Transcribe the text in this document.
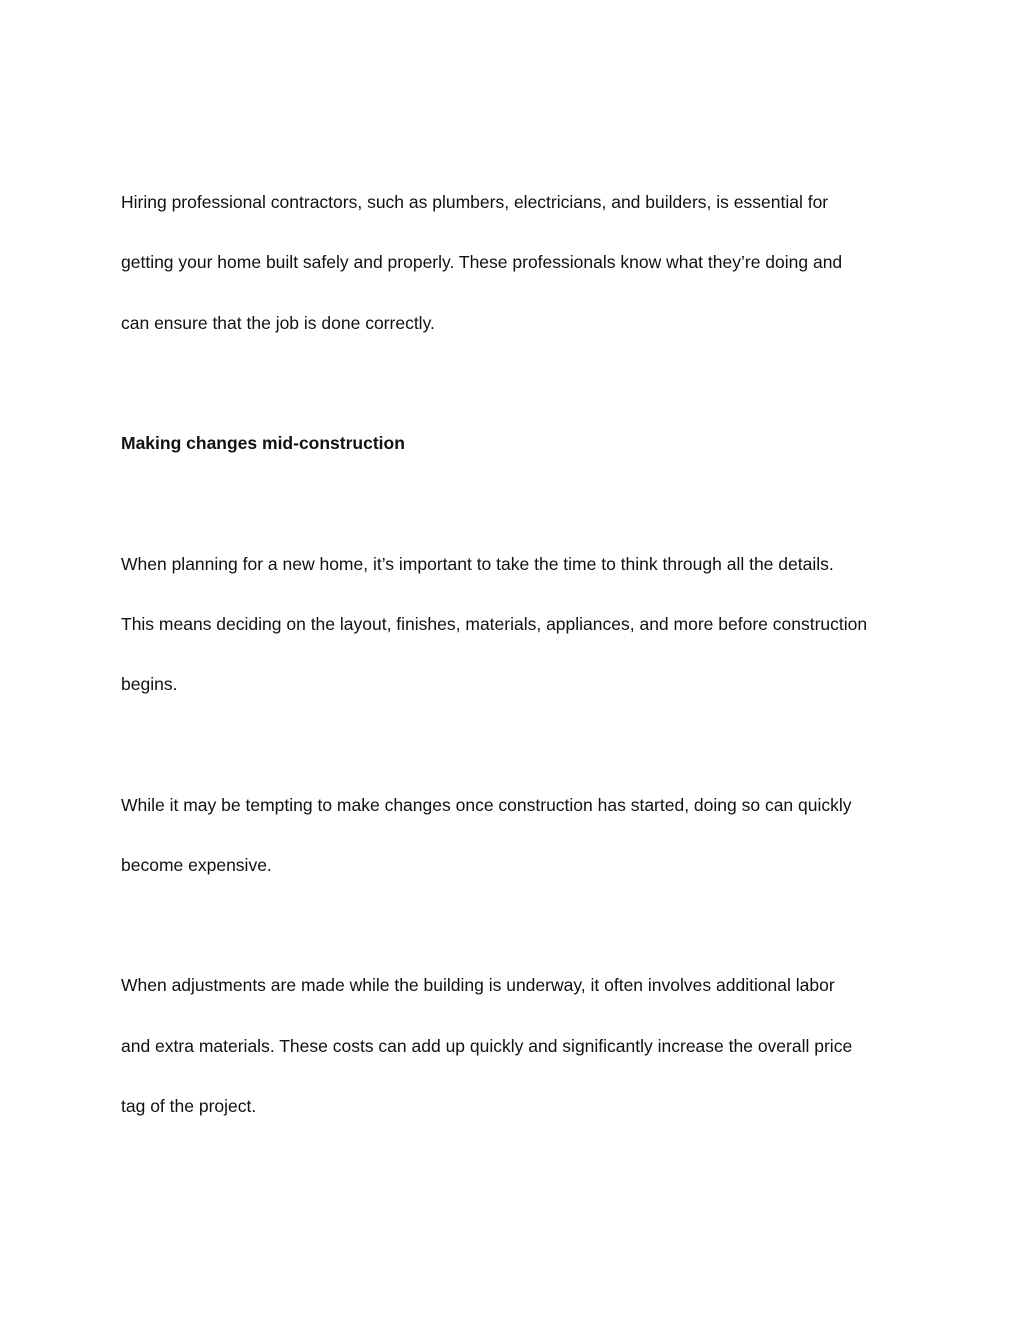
Hiring professional contractors, such as plumbers, electricians, and builders, is essential for
getting your home built safely and properly. These professionals know what they’re doing and
can ensure that the job is done correctly.

Making changes mid-construction

When planning for a new home, it’s important to take the time to think through all the details.
This means deciding on the layout, finishes, materials, appliances, and more before construction
begins.

While it may be tempting to make changes once construction has started, doing so can quickly
become expensive.

When adjustments are made while the building is underway, it often involves additional labor
and extra materials. These costs can add up quickly and significantly increase the overall price
tag of the project.
